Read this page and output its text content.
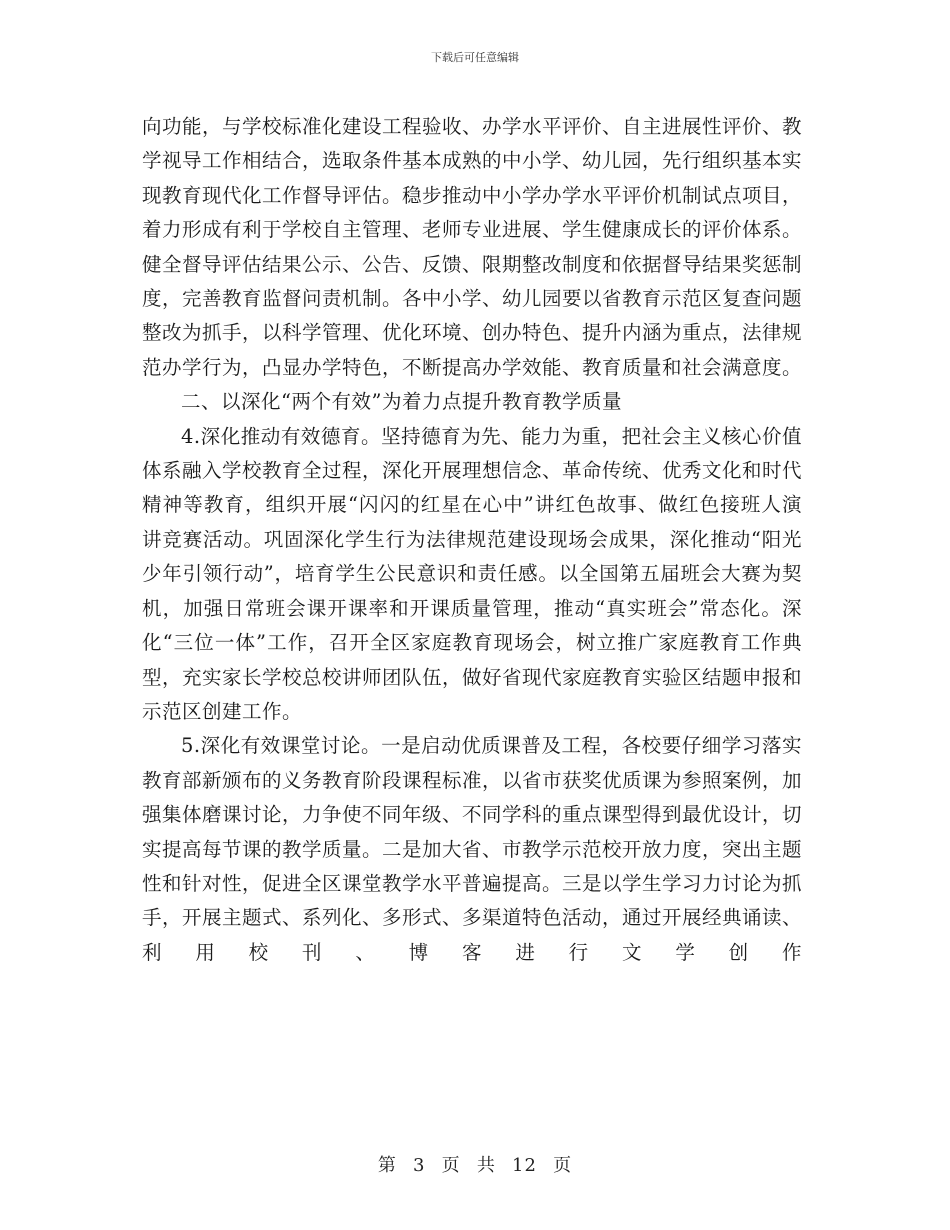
下载后可任意编辑

向功能，与学校标准化建设工程验收、办学水平评价、自主进展性评价、教学视导工作相结合，选取条件基本成熟的中小学、幼儿园，先行组织基本实现教育现代化工作督导评估。稳步推动中小学办学水平评价机制试点项目，着力形成有利于学校自主管理、老师专业进展、学生健康成长的评价体系。健全督导评估结果公示、公告、反馈、限期整改制度和依据督导结果奖惩制度，完善教育监督问责机制。各中小学、幼儿园要以省教育示范区复查问题整改为抓手，以科学管理、优化环境、创办特色、提升内涵为重点，法律规范办学行为，凸显办学特色，不断提高办学效能、教育质量和社会满意度。

二、以深化“两个有效”为着力点提升教育教学质量

4.深化推动有效德育。坚持德育为先、能力为重，把社会主义核心价值体系融入学校教育全过程，深化开展理想信念、革命传统、优秀文化和时代精神等教育，组织开展“闪闪的红星在心中”讲红色故事、做红色接班人演讲竞赛活动。巩固深化学生行为法律规范建设现场会成果，深化推动“阳光少年引领行动”，培育学生公民意识和责任感。以全国第五届班会大赛为契机，加强日常班会课开课率和开课质量管理，推动“真实班会”常态化。深化“三位一体”工作，召开全区家庭教育现场会，树立推广家庭教育工作典型，充实家长学校总校讲师团队伍，做好省现代家庭教育实验区结题申报和示范区创建工作。

5.深化有效课堂讨论。一是启动优质课普及工程，各校要仔细学习落实教育部新颁布的义务教育阶段课程标准，以省市获奖优质课为参照案例，加强集体磨课讨论，力争使不同年级、不同学科的重点课型得到最优设计，切实提高每节课的教学质量。二是加大省、市教学示范校开放力度，突出主题性和针对性，促进全区课堂教学水平普遍提高。三是以学生学习力讨论为抓手，开展主题式、系列化、多形式、多渠道特色活动，通过开展经典诵读、利用校刊、博客进行文学创作

第 3 页 共 12 页
